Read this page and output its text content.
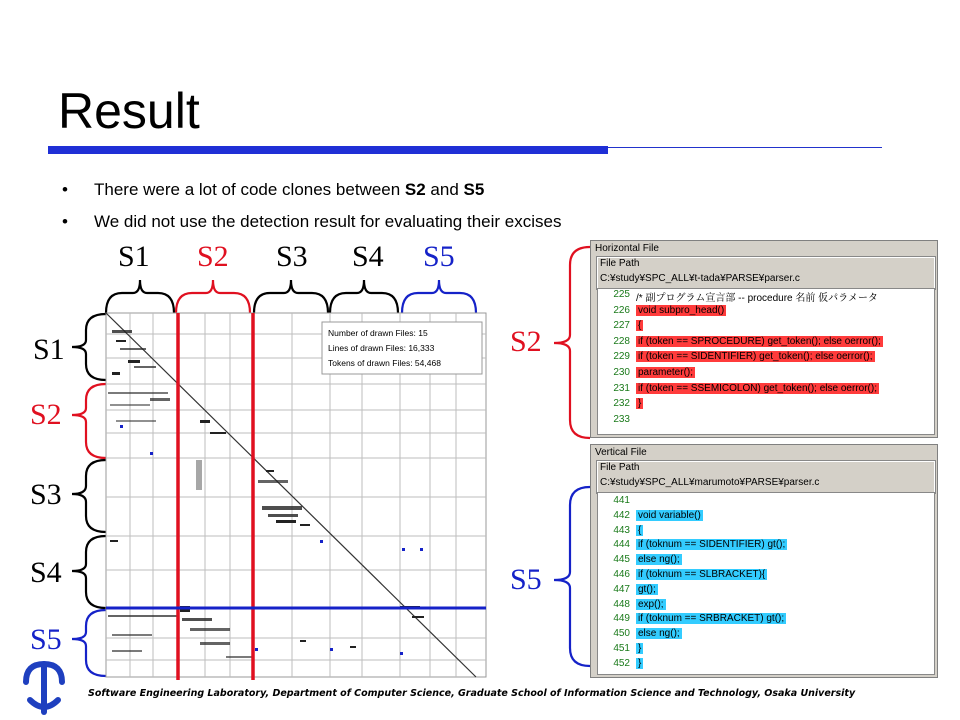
Result
• There were a lot of code clones between S2 and S5
• We did not use the detection result for evaluating their excises
S1 S2 S3 S4 S5
S1
S2
S3
S4
S5
S2
S5
Number of drawn Files: 15
Lines of drawn Files: 16,333
Tokens of drawn Files: 54,468
Horizontal File
File Path
C:¥study¥SPC_ALL¥t-tada¥PARSE¥parser.c
225 /* 副プログラム宣言部 -- procedure 名前 仮パラメータ
226 void subpro_head()
227 {
228 if (token == SPROCEDURE) get_token(); else oerror();
229 if (token == SIDENTIFIER) get_token(); else oerror();
230 parameter();
231 if (token == SSEMICOLON) get_token(); else oerror();
232 }
233
Vertical File
File Path
C:¥study¥SPC_ALL¥marumoto¥PARSE¥parser.c
441
442 void variable()
443 {
444 if (toknum == SIDENTIFIER) gt();
445 else ng();
446 if (toknum == SLBRACKET){
447 gt();
448 exp();
449 if (toknum == SRBRACKET) gt();
450 else ng();
451 }
452 }
Software Engineering Laboratory, Department of Computer Science, Graduate School of Information Science and Technology, Osaka University
